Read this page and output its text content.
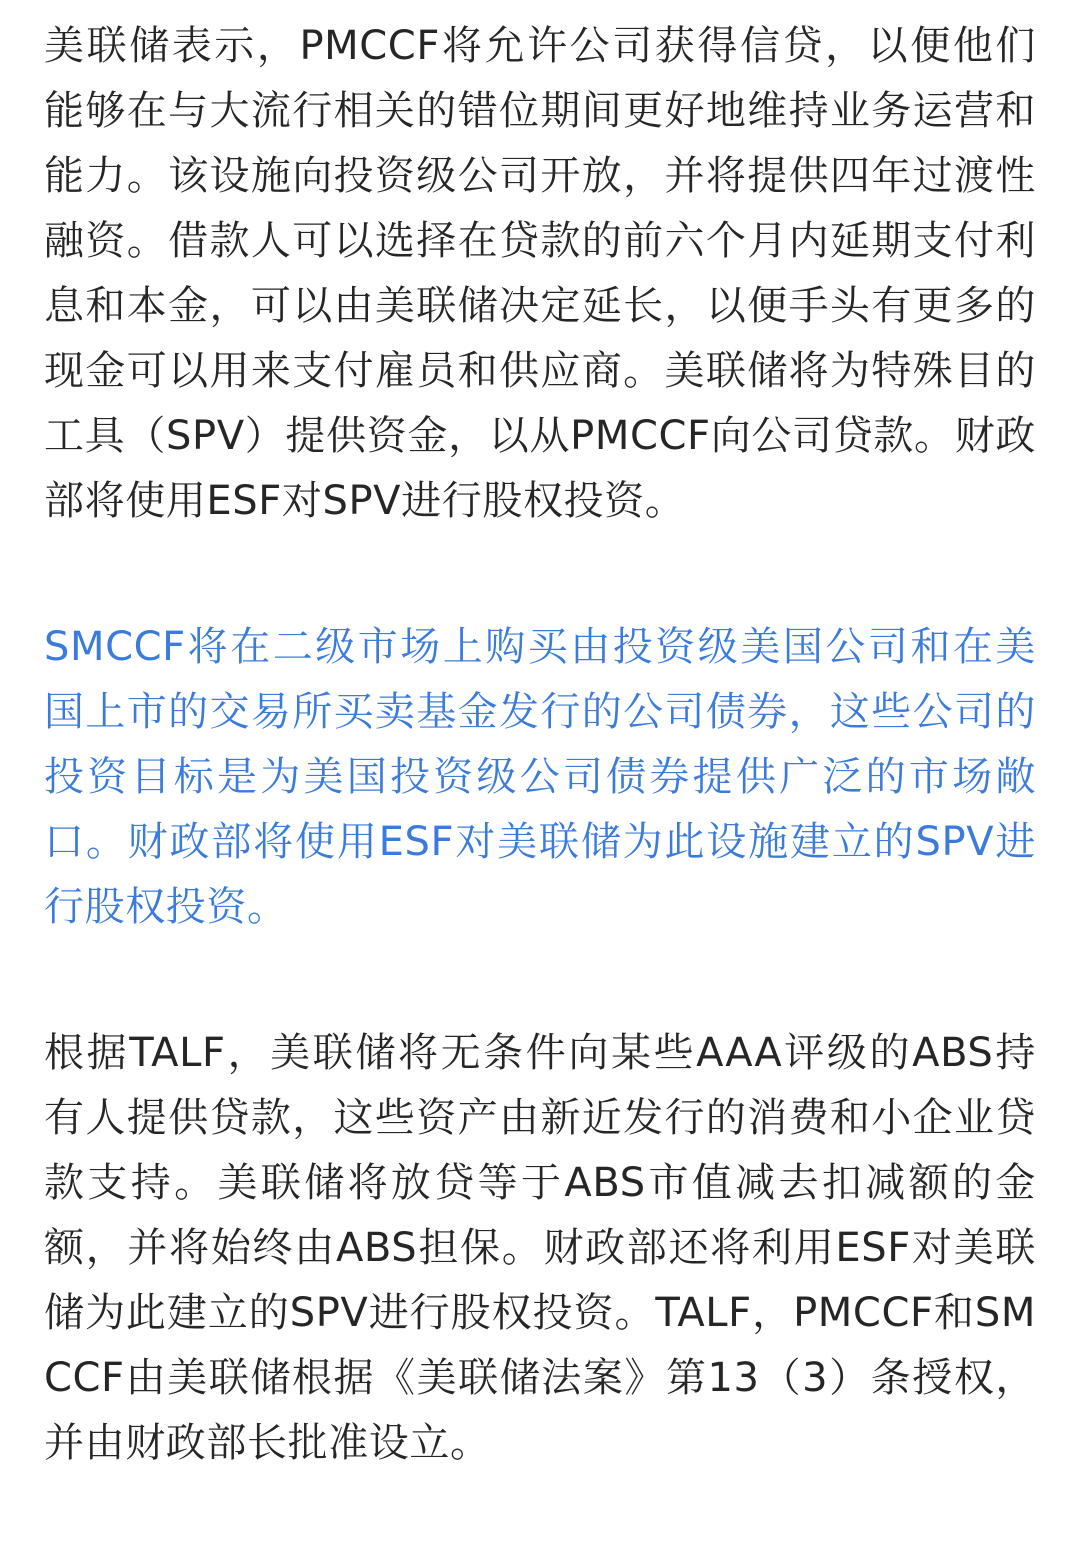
美联储表示，PMCCF将允许公司获得信贷，以便他们能够在与大流行相关的错位期间更好地维持业务运营和能力。该设施向投资级公司开放，并将提供四年过渡性融资。借款人可以选择在贷款的前六个月内延期支付利息和本金，可以由美联储决定延长，以便手头有更多的现金可以用来支付雇员和供应商。美联储将为特殊目的工具（SPV）提供资金，以从PMCCF向公司贷款。财政部将使用ESF对SPV进行股权投资。

SMCCF将在二级市场上购买由投资级美国公司和在美国上市的交易所买卖基金发行的公司债券，这些公司的投资目标是为美国投资级公司债券提供广泛的市场敞口。财政部将使用ESF对美联储为此设施建立的SPV进行股权投资。

根据TALF，美联储将无条件向某些AAA评级的ABS持有人提供贷款，这些资产由新近发行的消费和小企业贷款支持。美联储将放贷等于ABS市值减去扣减额的金额，并将始终由ABS担保。财政部还将利用ESF对美联储为此建立的SPV进行股权投资。TALF，PMCCF和SMCCF由美联储根据《美联储法案》第13（3）条授权，并由财政部长批准设立。
